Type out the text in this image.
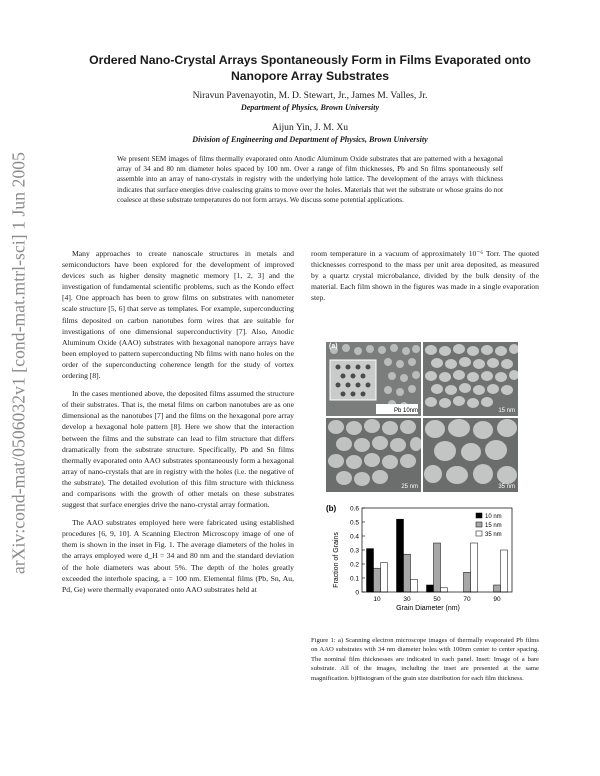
arXiv:cond-mat/0506032v1 [cond-mat.mtrl-sci] 1 Jun 2005
Ordered Nano-Crystal Arrays Spontaneously Form in Films Evaporated onto
Nanopore Array Substrates
Niravun Pavenayotin, M. D. Stewart, Jr., James M. Valles, Jr.
Department of Physics, Brown University
Aijun Yin, J. M. Xu
Division of Engineering and Department of Physics, Brown University
We present SEM images of films thermally evaporated onto Anodic Aluminum Oxide substrates that are patterned with a hexagonal array of 34 and 80 nm diameter holes spaced by 100 nm. Over a range of film thicknesses, Pb and Sn films spontaneously self assemble into an array of nano-crystals in registry with the underlying hole lattice. The development of the arrays with thickness indicates that surface energies drive coalescing grains to move over the holes. Materials that wet the substrate or whose grains do not coalesce at these substrate temperatures do not form arrays. We discuss some potential applications.

Many approaches to create nanoscale structures in metals and semiconductors have been explored for the development of improved devices such as higher density magnetic memory [1, 2, 3] and the investigation of fundamental scientific problems, such as the Kondo effect [4]. One approach has been to grow films on substrates with nanometer scale structure [5, 6] that serve as templates. For example, superconducting films deposited on carbon nanotubes form wires that are suitable for investigations of one dimensional superconductivity [7]. Also, Anodic Aluminum Oxide (AAO) substrates with hexagonal nanopore arrays have been employed to pattern superconducting Nb films with nano holes on the order of the superconducting coherence length for the study of vortex ordering [8].

In the cases mentioned above, the deposited films assumed the structure of their substrates. That is, the metal films on carbon nanotubes are as one dimensional as the nanotubes [7] and the films on the hexagonal pore array develop a hexagonal hole pattern [8]. Here we show that the interaction between the films and the substrate can lead to film structure that differs dramatically from the substrate structure. Specifically, Pb and Sn films thermally evaporated onto AAO substrates spontaneously form a hexagonal array of nano-crystals that are in registry with the holes (i.e. the negative of the substrate). The detailed evolution of this film structure with thickness and comparisons with the growth of other metals on these substrates suggest that surface energies drive the nano-crystal array formation.

The AAO substrates employed here were fabricated using established procedures [6, 9, 10]. A Scanning Electron Microscopy image of one of them is shown in the inset in Fig. 1. The average diameters of the holes in the arrays employed were d_H = 34 and 80 nm and the standard deviation of the hole diameters was about 5%. The depth of the holes greatly exceeded the interhole spacing, a = 100 nm. Elemental films (Pb, Sn, Au, Pd, Ge) were thermally evaporated onto AAO substrates held at

room temperature in a vacuum of approximately 10⁻⁶ Torr. The quoted thicknesses correspond to the mass per unit area deposited, as measured by a quartz crystal microbalance, divided by the bulk density of the material. Each film shown in the figures was made in a single evaporation step.

(a)
Pb 10nm	15 nm
25 nm	35 nm
(b)
Fraction of Grains
Grain Diameter (nm)
0.6
0.5
0.4
0.3
0.2
0.1
0
10	30	50	70	90
10 nm
15 nm
35 nm
Figure 1: a) Scanning electron microscope images of thermally evaporated Pb films on AAO substrates with 34 nm diameter holes with 100nm center to center spacing. The nominal film thicknesses are indicated in each panel. Inset: Image of a bare substrate. All of the images, including the inset are presented at the same magnification. b)Histogram of the grain size distribution for each film thickness.
